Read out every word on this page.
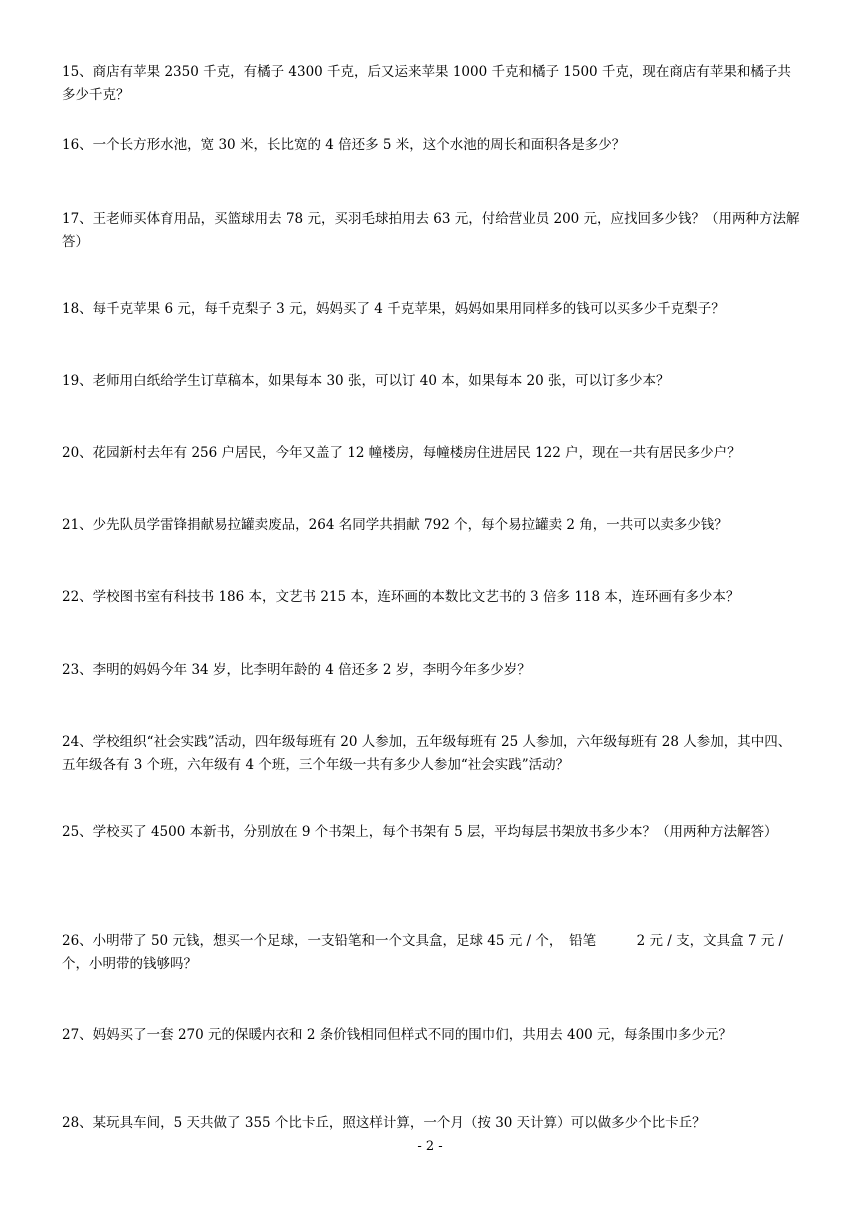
15、商店有苹果 2350 千克，有橘子 4300 千克，后又运来苹果 1000 千克和橘子 1500 千克，现在商店有苹果和橘子共多少千克？

16、一个长方形水池，宽 30 米，长比宽的 4 倍还多 5 米，这个水池的周长和面积各是多少？

17、王老师买体育用品，买篮球用去 78 元，买羽毛球拍用去 63 元，付给营业员 200 元，应找回多少钱？（用两种方法解答）

18、每千克苹果 6 元，每千克梨子 3 元，妈妈买了 4 千克苹果，妈妈如果用同样多的钱可以买多少千克梨子？

19、老师用白纸给学生订草稿本，如果每本 30 张，可以订 40 本，如果每本 20 张，可以订多少本？

20、花园新村去年有 256 户居民，今年又盖了 12 幢楼房，每幢楼房住进居民 122 户，现在一共有居民多少户？

21、少先队员学雷锋捐献易拉罐卖废品，264 名同学共捐献 792 个，每个易拉罐卖 2 角，一共可以卖多少钱？

22、学校图书室有科技书 186 本，文艺书 215 本，连环画的本数比文艺书的 3 倍多 118 本，连环画有多少本？

23、李明的妈妈今年 34 岁，比李明年龄的 4 倍还多 2 岁，李明今年多少岁？

24、学校组织“社会实践”活动，四年级每班有 20 人参加，五年级每班有 25 人参加，六年级每班有 28 人参加，其中四、五年级各有 3 个班，六年级有 4 个班，三个年级一共有多少人参加“社会实践”活动？

25、学校买了 4500 本新书，分别放在 9 个书架上，每个书架有 5 层，平均每层书架放书多少本？（用两种方法解答）

26、小明带了 50 元钱，想买一个足球，一支铅笔和一个文具盒，足球 45 元 / 个，　铅笔　　　2 元 / 支，文具盒 7 元 / 个，小明带的钱够吗？

27、妈妈买了一套 270 元的保暖内衣和 2 条价钱相同但样式不同的围巾们，共用去 400 元，每条围巾多少元？

28、某玩具车间，5 天共做了 355 个比卡丘，照这样计算，一个月（按 30 天计算）可以做多少个比卡丘？

- 2 -
